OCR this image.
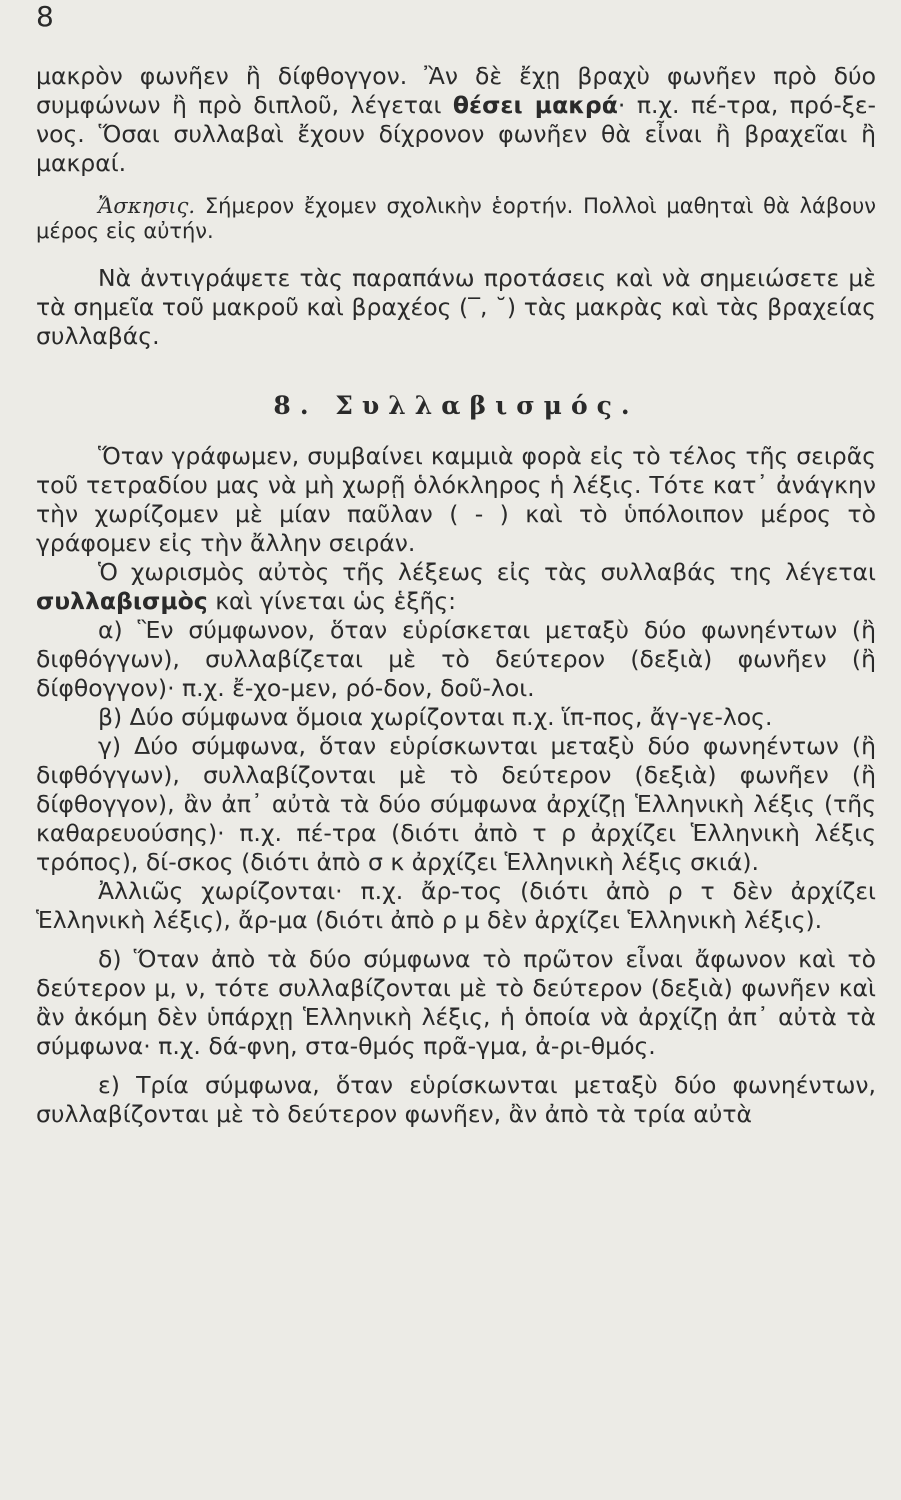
8

μακρὸν φωνῆεν ἢ δίφθογγον. Ἂν δὲ ἔχῃ βραχὺ φωνῆεν πρὸ δύο συμφώνων ἢ πρὸ διπλοῦ, λέγεται θέσει μακρά· π.χ. πέ-τρα, πρό-ξε-νος. Ὅσαι συλλαβαὶ ἔχουν δίχρονον φωνῆεν θὰ εἶναι ἢ βραχεῖαι ἢ μακραί.

Ἄσκησις. Σήμερον ἔχομεν σχολικὴν ἑορτήν. Πολλοὶ μαθηταὶ θὰ λάβουν μέρος εἰς αὐτήν.

Νὰ ἀντιγράψετε τὰς παραπάνω προτάσεις καὶ νὰ σημειώσετε μὲ τὰ σημεῖα τοῦ μακροῦ καὶ βραχέος (‾, ˘) τὰς μακρὰς καὶ τὰς βραχείας συλλαβάς.

8. Συλλαβισμός.

Ὅταν γράφωμεν, συμβαίνει καμμιὰ φορὰ εἰς τὸ τέλος τῆς σειρᾶς τοῦ τετραδίου μας νὰ μὴ χωρῇ ὁλόκληρος ἡ λέξις. Τότε κατ᾽ ἀνάγκην τὴν χωρίζομεν μὲ μίαν παῦλαν ( - ) καὶ τὸ ὑπόλοιπον μέρος τὸ γράφομεν εἰς τὴν ἄλλην σειράν.

Ὁ χωρισμὸς αὐτὸς τῆς λέξεως εἰς τὰς συλλαβάς της λέγεται συλλαβισμὸς καὶ γίνεται ὡς ἑξῆς:

α) Ἓν σύμφωνον, ὅταν εὑρίσκεται μεταξὺ δύο φωνηέντων (ἢ διφθόγγων), συλλαβίζεται μὲ τὸ δεύτερον (δεξιὰ) φωνῆεν (ἢ δίφθογγον)· π.χ. ἔ-χο-μεν, ρό-δον, δοῦ-λοι.

β) Δύο σύμφωνα ὅμοια χωρίζονται π.χ. ἵπ-πος, ἄγ-γε-λος.

γ) Δύο σύμφωνα, ὅταν εὑρίσκωνται μεταξὺ δύο φωνηέντων (ἢ διφθόγγων), συλλαβίζονται μὲ τὸ δεύτερον (δεξιὰ) φωνῆεν (ἢ δίφθογγον), ἂν ἀπ᾽ αὐτὰ τὰ δύο σύμφωνα ἀρχίζῃ Ἑλληνικὴ λέξις (τῆς καθαρευούσης)· π.χ. πέ-τρα (διότι ἀπὸ τ ρ ἀρχίζει Ἑλληνικὴ λέξις τρόπος), δί-σκος (διότι ἀπὸ σ κ ἀρχίζει Ἑλληνικὴ λέξις σκιά).

Ἀλλιῶς χωρίζονται· π.χ. ἄρ-τος (διότι ἀπὸ ρ τ δὲν ἀρχίζει Ἑλληνικὴ λέξις), ἄρ-μα (διότι ἀπὸ ρ μ δὲν ἀρχίζει Ἑλληνικὴ λέξις).

δ) Ὅταν ἀπὸ τὰ δύο σύμφωνα τὸ πρῶτον εἶναι ἄφωνον καὶ τὸ δεύτερον μ, ν, τότε συλλαβίζονται μὲ τὸ δεύτερον (δεξιὰ) φωνῆεν καὶ ἂν ἀκόμη δὲν ὑπάρχῃ Ἑλληνικὴ λέξις, ἡ ὁποία νὰ ἀρχίζῃ ἀπ᾽ αὐτὰ τὰ σύμφωνα· π.χ. δά-φνη, στα-θμός πρᾶ-γμα, ἀ-ρι-θμός.

ε) Τρία σύμφωνα, ὅταν εὑρίσκωνται μεταξὺ δύο φωνηέντων, συλλαβίζονται μὲ τὸ δεύτερον φωνῆεν, ἂν ἀπὸ τὰ τρία αὐτὰ
